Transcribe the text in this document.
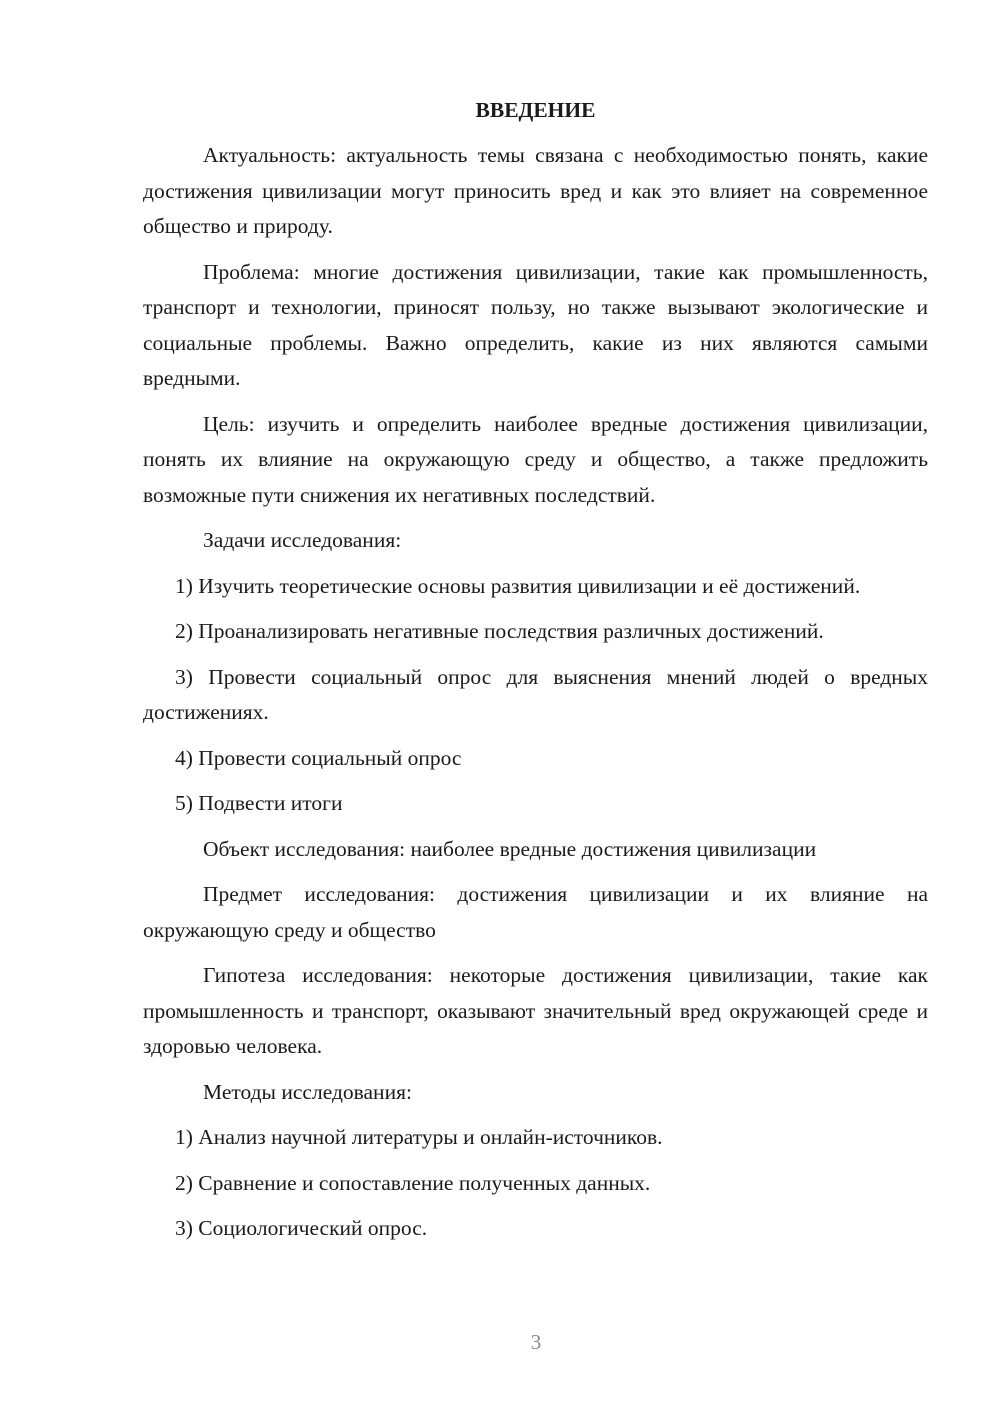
ВВЕДЕНИЕ

Актуальность: актуальность темы связана с необходимостью понять, какие достижения цивилизации могут приносить вред и как это влияет на современное общество и природу.

Проблема: многие достижения цивилизации, такие как промышленность, транспорт и технологии, приносят пользу, но также вызывают экологические и социальные проблемы. Важно определить, какие из них являются самыми вредными.

Цель: изучить и определить наиболее вредные достижения цивилизации, понять их влияние на окружающую среду и общество, а также предложить возможные пути снижения их негативных последствий.

Задачи исследования:

1) Изучить теоретические основы развития цивилизации и её достижений.

2) Проанализировать негативные последствия различных достижений.

3) Провести социальный опрос для выяснения мнений людей о вредных достижениях.

4) Провести социальный опрос

5) Подвести итоги

Объект исследования: наиболее вредные достижения цивилизации

Предмет исследования: достижения цивилизации и их влияние на окружающую среду и общество

Гипотеза исследования: некоторые достижения цивилизации, такие как промышленность и транспорт, оказывают значительный вред окружающей среде и здоровью человека.

Методы исследования:

1) Анализ научной литературы и онлайн-источников.

2) Сравнение и сопоставление полученных данных.

3) Социологический опрос.

3
